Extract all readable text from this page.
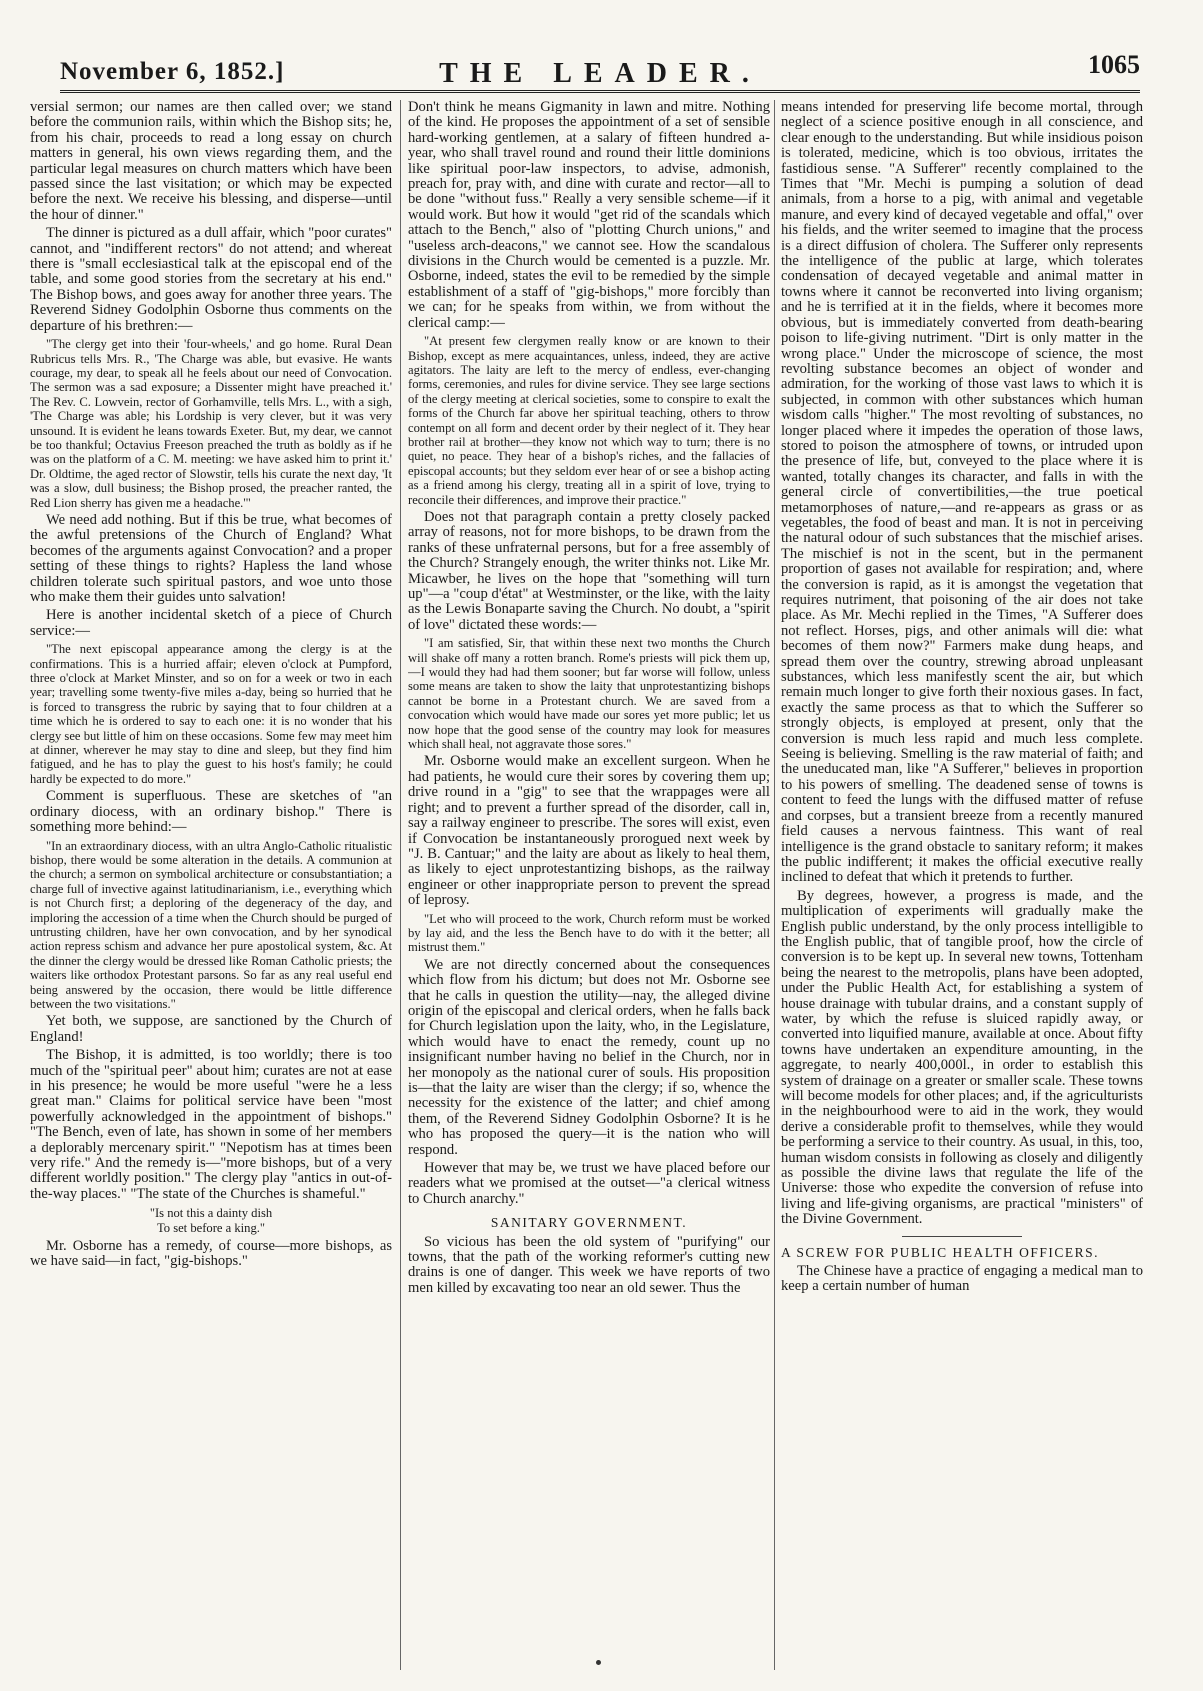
November 6, 1852.]	THE LEADER.	1065

versial sermon; our names are then called over; we stand before the communion rails, within which the Bishop sits; he, from his chair, proceeds to read a long essay on church matters in general, his own views regarding them, and the particular legal measures on church matters which have been passed since the last visitation; or which may be expected before the next. We receive his blessing, and disperse—until the hour of dinner."

The dinner is pictured as a dull affair, which "poor curates" cannot, and "indifferent rectors" do not attend; and whereat there is "small ecclesiastical talk at the episcopal end of the table, and some good stories from the secretary at his end." The Bishop bows, and goes away for another three years. The Reverend Sidney Godolphin Osborne thus comments on the departure of his brethren:—

"The clergy get into their 'four-wheels,' and go home. Rural Dean Rubricus tells Mrs. R., 'The Charge was able, but evasive. He wants courage, my dear, to speak all he feels about our need of Convocation. The sermon was a sad exposure; a Dissenter might have preached it.' The Rev. C. Lowvein, rector of Gorhamville, tells Mrs. L., with a sigh, 'The Charge was able; his Lordship is very clever, but it was very unsound. It is evident he leans towards Exeter. But, my dear, we cannot be too thankful; Octavius Freeson preached the truth as boldly as if he was on the platform of a C. M. meeting: we have asked him to print it.' Dr. Oldtime, the aged rector of Slowstir, tells his curate the next day, 'It was a slow, dull business; the Bishop prosed, the preacher ranted, the Red Lion sherry has given me a headache.'"

We need add nothing. But if this be true, what becomes of the awful pretensions of the Church of England? What becomes of the arguments against Convocation? and a proper setting of these things to rights? Hapless the land whose children tolerate such spiritual pastors, and woe unto those who make them their guides unto salvation!

Here is another incidental sketch of a piece of Church service:—

"The next episcopal appearance among the clergy is at the confirmations. This is a hurried affair; eleven o'clock at Pumpford, three o'clock at Market Minster, and so on for a week or two in each year; travelling some twenty-five miles a-day, being so hurried that he is forced to transgress the rubric by saying that to four children at a time which he is ordered to say to each one: it is no wonder that his clergy see but little of him on these occasions. Some few may meet him at dinner, wherever he may stay to dine and sleep, but they find him fatigued, and he has to play the guest to his host's family; he could hardly be expected to do more."

Comment is superfluous. These are sketches of "an ordinary diocess, with an ordinary bishop." There is something more behind:—

"In an extraordinary diocess, with an ultra Anglo-Catholic ritualistic bishop, there would be some alteration in the details. A communion at the church; a sermon on symbolical architecture or consubstantiation; a charge full of invective against latitudinarianism, i.e., everything which is not Church first; a deploring of the degeneracy of the day, and imploring the accession of a time when the Church should be purged of untrusting children, have her own convocation, and by her synodical action repress schism and advance her pure apostolical system, &c. At the dinner the clergy would be dressed like Roman Catholic priests; the waiters like orthodox Protestant parsons. So far as any real useful end being answered by the occasion, there would be little difference between the two visitations."

Yet both, we suppose, are sanctioned by the Church of England!

The Bishop, it is admitted, is too worldly; there is too much of the "spiritual peer" about him; curates are not at ease in his presence; he would be more useful "were he a less great man." Claims for political service have been "most powerfully acknowledged in the appointment of bishops." "The Bench, even of late, has shown in some of her members a deplorably mercenary spirit." "Nepotism has at times been very rife." And the remedy is—"more bishops, but of a very different worldly position." The clergy play "antics in out-of-the-way places." "The state of the Churches is shameful."

"Is not this a dainty dish
To set before a king."

Mr. Osborne has a remedy, of course—more bishops, as we have said—in fact, "gig-bishops."

Don't think he means Gigmanity in lawn and mitre. Nothing of the kind. He proposes the appointment of a set of sensible hard-working gentlemen, at a salary of fifteen hundred a-year, who shall travel round and round their little dominions like spiritual poor-law inspectors, to advise, admonish, preach for, pray with, and dine with curate and rector—all to be done "without fuss." Really a very sensible scheme—if it would work. But how it would "get rid of the scandals which attach to the Bench," also of "plotting Church unions," and "useless arch-deacons," we cannot see. How the scandalous divisions in the Church would be cemented is a puzzle. Mr. Osborne, indeed, states the evil to be remedied by the simple establishment of a staff of "gig-bishops," more forcibly than we can; for he speaks from within, we from without the clerical camp:—

"At present few clergymen really know or are known to their Bishop, except as mere acquaintances, unless, indeed, they are active agitators. The laity are left to the mercy of endless, ever-changing forms, ceremonies, and rules for divine service. They see large sections of the clergy meeting at clerical societies, some to conspire to exalt the forms of the Church far above her spiritual teaching, others to throw contempt on all form and decent order by their neglect of it. They hear brother rail at brother—they know not which way to turn; there is no quiet, no peace. They hear of a bishop's riches, and the fallacies of episcopal accounts; but they seldom ever hear of or see a bishop acting as a friend among his clergy, treating all in a spirit of love, trying to reconcile their differences, and improve their practice."

Does not that paragraph contain a pretty closely packed array of reasons, not for more bishops, to be drawn from the ranks of these unfraternal persons, but for a free assembly of the Church? Strangely enough, the writer thinks not. Like Mr. Micawber, he lives on the hope that "something will turn up"—a "coup d'état" at Westminster, or the like, with the laity as the Lewis Bonaparte saving the Church. No doubt, a "spirit of love" dictated these words:—

"I am satisfied, Sir, that within these next two months the Church will shake off many a rotten branch. Rome's priests will pick them up,—I would they had had them sooner; but far worse will follow, unless some means are taken to show the laity that unprotestantizing bishops cannot be borne in a Protestant church. We are saved from a convocation which would have made our sores yet more public; let us now hope that the good sense of the country may look for measures which shall heal, not aggravate those sores."

Mr. Osborne would make an excellent surgeon. When he had patients, he would cure their sores by covering them up; drive round in a "gig" to see that the wrappages were all right; and to prevent a further spread of the disorder, call in, say a railway engineer to prescribe. The sores will exist, even if Convocation be instantaneously prorogued next week by "J. B. Cantuar;" and the laity are about as likely to heal them, as likely to eject unprotestantizing bishops, as the railway engineer or other inappropriate person to prevent the spread of leprosy.

"Let who will proceed to the work, Church reform must be worked by lay aid, and the less the Bench have to do with it the better; all mistrust them."

We are not directly concerned about the consequences which flow from his dictum; but does not Mr. Osborne see that he calls in question the utility—nay, the alleged divine origin of the episcopal and clerical orders, when he falls back for Church legislation upon the laity, who, in the Legislature, which would have to enact the remedy, count up no insignificant number having no belief in the Church, nor in her monopoly as the national curer of souls. His proposition is—that the laity are wiser than the clergy; if so, whence the necessity for the existence of the latter; and chief among them, of the Reverend Sidney Godolphin Osborne? It is he who has proposed the query—it is the nation who will respond.

However that may be, we trust we have placed before our readers what we promised at the outset—"a clerical witness to Church anarchy."

SANITARY GOVERNMENT.

So vicious has been the old system of "purifying" our towns, that the path of the working reformer's cutting new drains is one of danger. This week we have reports of two men killed by excavating too near an old sewer. Thus the

means intended for preserving life become mortal, through neglect of a science positive enough in all conscience, and clear enough to the understanding. But while insidious poison is tolerated, medicine, which is too obvious, irritates the fastidious sense. "A Sufferer" recently complained to the Times that "Mr. Mechi is pumping a solution of dead animals, from a horse to a pig, with animal and vegetable manure, and every kind of decayed vegetable and offal," over his fields, and the writer seemed to imagine that the process is a direct diffusion of cholera. The Sufferer only represents the intelligence of the public at large, which tolerates condensation of decayed vegetable and animal matter in towns where it cannot be reconverted into living organism; and he is terrified at it in the fields, where it becomes more obvious, but is immediately converted from death-bearing poison to life-giving nutriment. "Dirt is only matter in the wrong place." Under the microscope of science, the most revolting substance becomes an object of wonder and admiration, for the working of those vast laws to which it is subjected, in common with other substances which human wisdom calls "higher." The most revolting of substances, no longer placed where it impedes the operation of those laws, stored to poison the atmosphere of towns, or intruded upon the presence of life, but, conveyed to the place where it is wanted, totally changes its character, and falls in with the general circle of convertibilities,—the true poetical metamorphoses of nature,—and re-appears as grass or as vegetables, the food of beast and man. It is not in perceiving the natural odour of such substances that the mischief arises. The mischief is not in the scent, but in the permanent proportion of gases not available for respiration; and, where the conversion is rapid, as it is amongst the vegetation that requires nutriment, that poisoning of the air does not take place. As Mr. Mechi replied in the Times, "A Sufferer does not reflect. Horses, pigs, and other animals will die: what becomes of them now?" Farmers make dung heaps, and spread them over the country, strewing abroad unpleasant substances, which less manifestly scent the air, but which remain much longer to give forth their noxious gases. In fact, exactly the same process as that to which the Sufferer so strongly objects, is employed at present, only that the conversion is much less rapid and much less complete. Seeing is believing. Smelling is the raw material of faith; and the uneducated man, like "A Sufferer," believes in proportion to his powers of smelling. The deadened sense of towns is content to feed the lungs with the diffused matter of refuse and corpses, but a transient breeze from a recently manured field causes a nervous faintness. This want of real intelligence is the grand obstacle to sanitary reform; it makes the public indifferent; it makes the official executive really inclined to defeat that which it pretends to further.

By degrees, however, a progress is made, and the multiplication of experiments will gradually make the English public understand, by the only process intelligible to the English public, that of tangible proof, how the circle of conversion is to be kept up. In several new towns, Tottenham being the nearest to the metropolis, plans have been adopted, under the Public Health Act, for establishing a system of house drainage with tubular drains, and a constant supply of water, by which the refuse is sluiced rapidly away, or converted into liquified manure, available at once. About fifty towns have undertaken an expenditure amounting, in the aggregate, to nearly 400,000l., in order to establish this system of drainage on a greater or smaller scale. These towns will become models for other places; and, if the agriculturists in the neighbourhood were to aid in the work, they would derive a considerable profit to themselves, while they would be performing a service to their country. As usual, in this, too, human wisdom consists in following as closely and diligently as possible the divine laws that regulate the life of the Universe: those who expedite the conversion of refuse into living and life-giving organisms, are practical "ministers" of the Divine Government.

A SCREW FOR PUBLIC HEALTH OFFICERS.

The Chinese have a practice of engaging a medical man to keep a certain number of human
